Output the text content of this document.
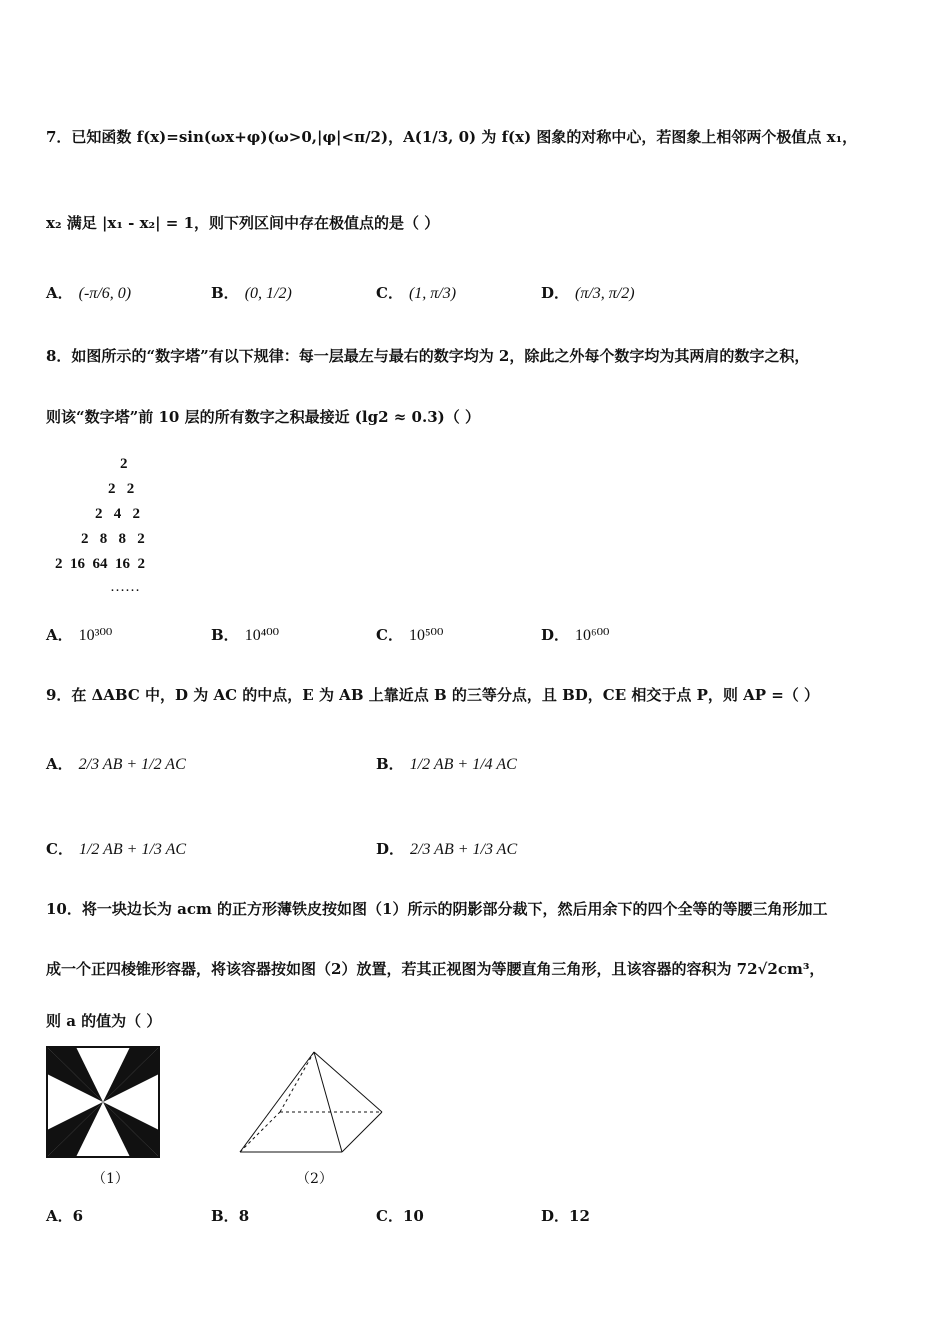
7．已知函数 f(x)=sin(ωx+φ)(ω>0,|φ|<π/2)，A(1/3, 0) 为 f(x) 图象的对称中心，若图象上相邻两个极值点 x₁，
x₂ 满足 |x₁ - x₂| = 1，则下列区间中存在极值点的是（ ）
A． (-π/6, 0)	B． (0, 1/2)	C． (1, π/3)	D． (π/3, π/2)
8．如图所示的“数字塔”有以下规律：每一层最左与最右的数字均为 2，除此之外每个数字均为其两肩的数字之积，
则该“数字塔”前 10 层的所有数字之积最接近 (lg2 ≈ 0.3)（ ）
2
2   2
2   4   2
2   8   8   2
2  16  64  16  2
……
A． 10³⁰⁰	B． 10⁴⁰⁰	C． 10⁵⁰⁰	D． 10⁶⁰⁰
9．在 ΔABC 中，D 为 AC 的中点，E 为 AB 上靠近点 B 的三等分点，且 BD，CE 相交于点 P，则 AP =（ ）
A． 2/3 AB + 1/2 AC	B． 1/2 AB + 1/4 AC
C． 1/2 AB + 1/3 AC	D． 2/3 AB + 1/3 AC
10．将一块边长为 acm 的正方形薄铁皮按如图（1）所示的阴影部分裁下，然后用余下的四个全等的等腰三角形加工
成一个正四棱锥形容器，将该容器按如图（2）放置，若其正视图为等腰直角三角形，且该容器的容积为 72√2cm³，
则 a 的值为（ ）
（1）	（2）
A．6	B．8	C．10	D．12
